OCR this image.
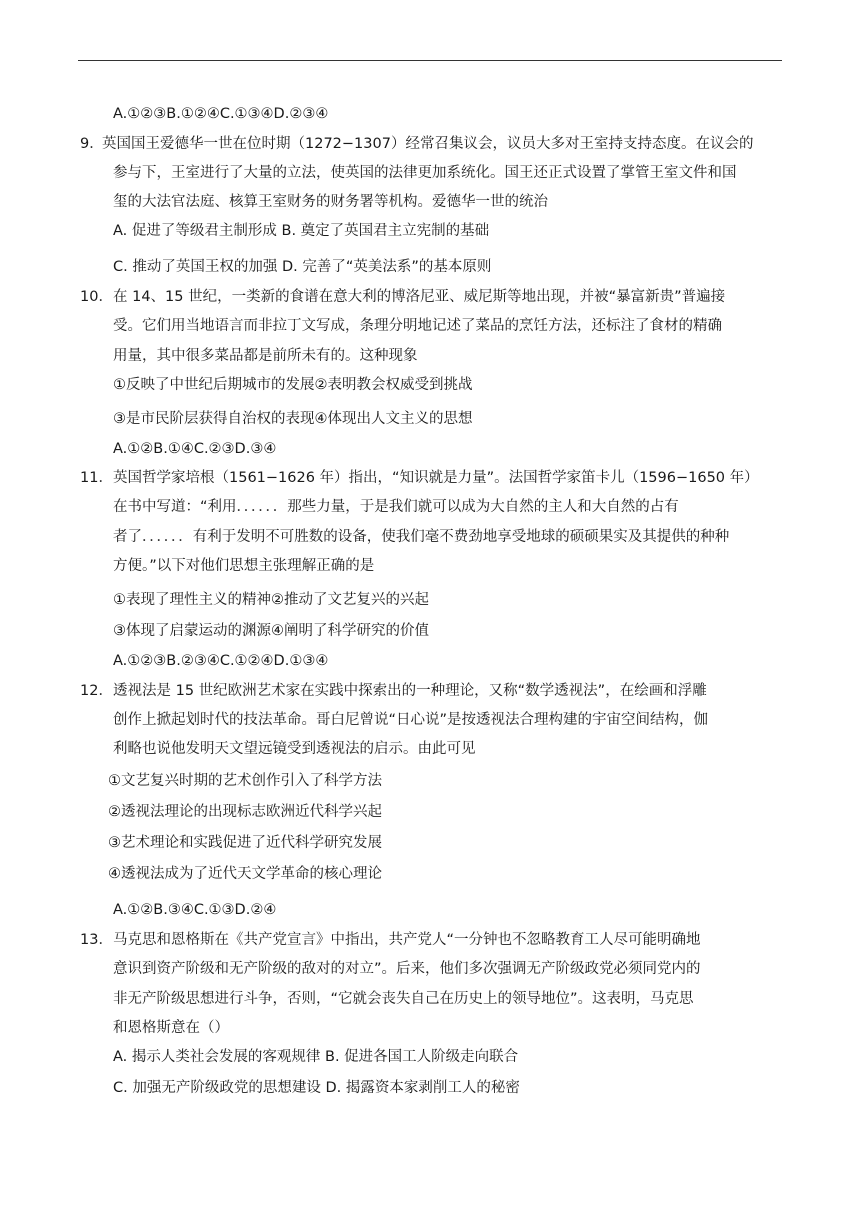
A.①②③B.①②④C.①③④D.②③④
英国国王爱德华一世在位时期（1272−1307）经常召集议会，议员大多对王室持支持态度。在议会的
参与下，王室进行了大量的立法，使英国的法律更加系统化。国王还正式设置了掌管王室文件和国
玺的大法官法庭、核算王室财务的财务署等机构。爱德华一世的统治
A. 促进了等级君主制形成 B. 奠定了英国君主立宪制的基础
C. 推动了英国王权的加强 D. 完善了“英美法系”的基本原则
在 14、15 世纪，一类新的食谱在意大利的博洛尼亚、威尼斯等地出现，并被“暴富新贵”普遍接
受。它们用当地语言而非拉丁文写成，条理分明地记述了菜品的烹饪方法，还标注了食材的精确
用量，其中很多菜品都是前所未有的。这种现象
①反映了中世纪后期城市的发展②表明教会权威受到挑战
③是市民阶层获得自治权的表现④体现出人文主义的思想
A.①②B.①④C.②③D.③④
英国哲学家培根（1561−1626 年）指出，“知识就是力量”。法国哲学家笛卡儿（1596−1650 年）
在书中写道：“利用．．．．．．那些力量，于是我们就可以成为大自然的主人和大自然的占有
者了．．．．．．有利于发明不可胜数的设备，使我们毫不费劲地享受地球的硕硕果实及其提供的种种
方便。”以下对他们思想主张理解正确的是
①表现了理性主义的精神②推动了文艺复兴的兴起
③体现了启蒙运动的渊源④阐明了科学研究的价值
A.①②③B.②③④C.①②④D.①③④
透视法是 15 世纪欧洲艺术家在实践中探索出的一种理论，又称“数学透视法”，在绘画和浮雕
创作上掀起划时代的技法革命。哥白尼曾说“日心说”是按透视法合理构建的宇宙空间结构，伽
利略也说他发明天文望远镜受到透视法的启示。由此可见
①文艺复兴时期的艺术创作引入了科学方法
②透视法理论的出现标志欧洲近代科学兴起
③艺术理论和实践促进了近代科学研究发展
④透视法成为了近代天文学革命的核心理论
A.①②B.③④C.①③D.②④
马克思和恩格斯在《共产党宣言》中指出，共产党人“一分钟也不忽略教育工人尽可能明确地
意识到资产阶级和无产阶级的敌对的对立”。后来，他们多次强调无产阶级政党必须同党内的
非无产阶级思想进行斗争，否则，“它就会丧失自己在历史上的领导地位”。这表明，马克思
和恩格斯意在（）
A. 揭示人类社会发展的客观规律 B. 促进各国工人阶级走向联合
C. 加强无产阶级政党的思想建设 D. 揭露资本家剥削工人的秘密
9．
10．
11．
12．
13．
